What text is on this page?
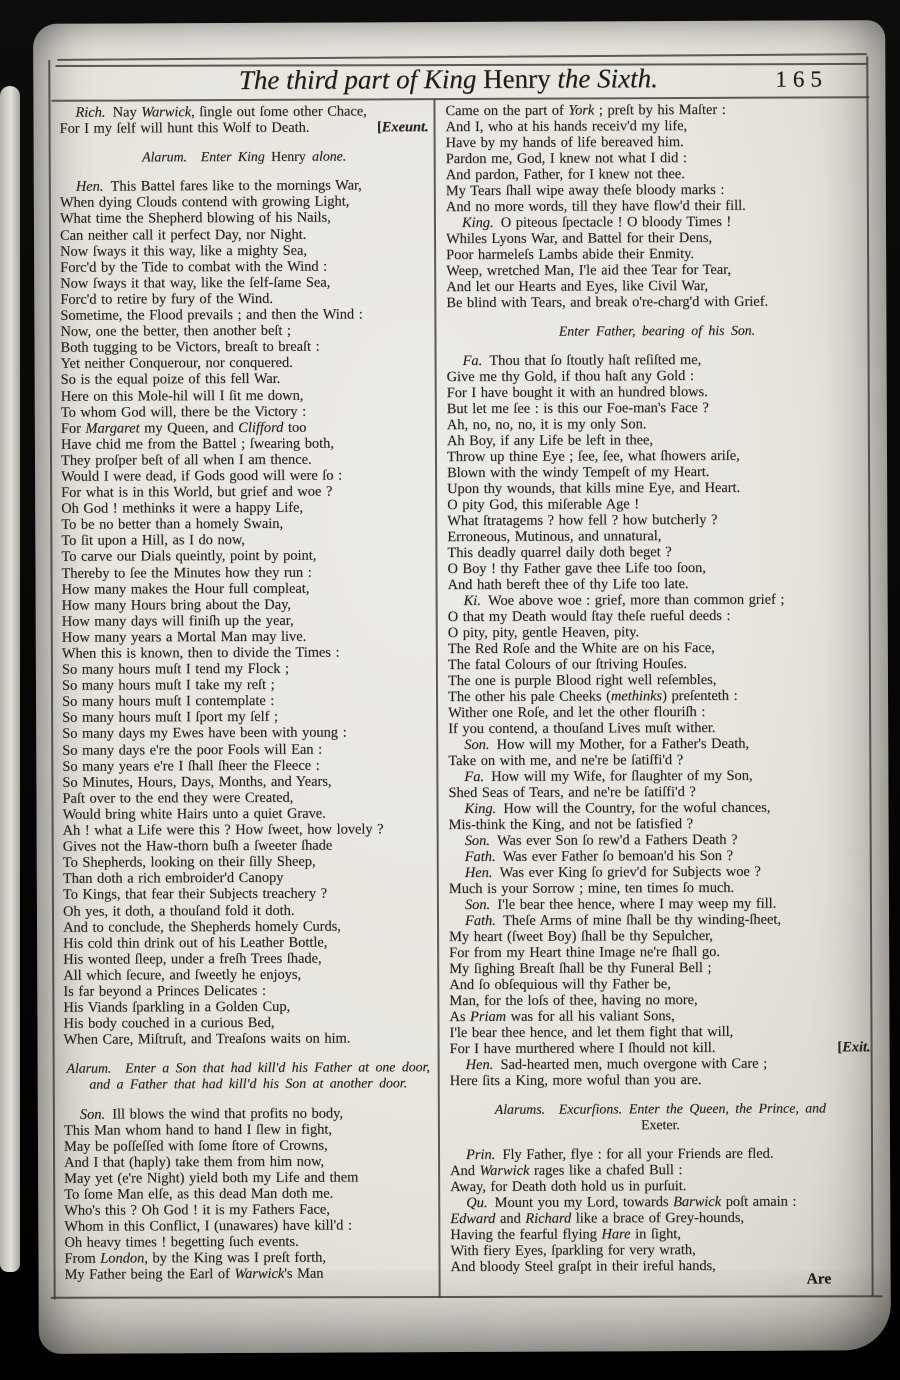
The third part of King Henry the Sixth.	165
Rich. Nay Warwick, ſingle out ſome other Chace,
[Exeunt.
For I my ſelf will hunt this Wolf to Death.
Alarum. Enter King Henry alone.
Hen. This Battel fares like to the mornings War,
When dying Clouds contend with growing Light,
What time the Shepherd blowing of his Nails,
Can neither call it perfect Day, nor Night.
Now ſways it this way, like a mighty Sea,
Forc'd by the Tide to combat with the Wind :
Now ſways it that way, like the ſelf-ſame Sea,
Forc'd to retire by fury of the Wind.
Sometime, the Flood prevails ; and then the Wind :
Now, one the better, then another beſt ;
Both tugging to be Victors, breaſt to breaſt :
Yet neither Conquerour, nor conquered.
So is the equal poize of this fell War.
Here on this Mole-hil will I ſit me down,
To whom God will, there be the Victory :
For Margaret my Queen, and Clifford too
Have chid me from the Battel ; ſwearing both,
They proſper beſt of all when I am thence.
Would I were dead, if Gods good will were ſo :
For what is in this World, but grief and woe ?
Oh God ! methinks it were a happy Life,
To be no better than a homely Swain,
To ſit upon a Hill, as I do now,
To carve our Dials queintly, point by point,
Thereby to ſee the Minutes how they run :
How many makes the Hour full compleat,
How many Hours bring about the Day,
How many days will finiſh up the year,
How many years a Mortal Man may live.
When this is known, then to divide the Times :
So many hours muſt I tend my Flock ;
So many hours muſt I take my reſt ;
So many hours muſt I contemplate :
So many hours muſt I ſport my ſelf ;
So many days my Ewes have been with young :
So many days e're the poor Fools will Ean :
So many years e're I ſhall ſheer the Fleece :
So Minutes, Hours, Days, Months, and Years,
Paſt over to the end they were Created,
Would bring white Hairs unto a quiet Grave.
Ah ! what a Life were this ? How ſweet, how lovely ?
Gives not the Haw-thorn buſh a ſweeter ſhade
To Shepherds, looking on their ſilly Sheep,
Than doth a rich embroider'd Canopy
To Kings, that fear their Subjects treachery ?
Oh yes, it doth, a thouſand fold it doth.
And to conclude, the Shepherds homely Curds,
His cold thin drink out of his Leather Bottle,
His wonted ſleep, under a freſh Trees ſhade,
All which ſecure, and ſweetly he enjoys,
Is far beyond a Princes Delicates :
His Viands ſparkling in a Golden Cup,
His body couched in a curious Bed,
When Care, Miſtruſt, and Treaſons waits on him.
Alarum. Enter a Son that had kill'd his Father at one door,
and a Father that had kill'd his Son at another door.
Son. Ill blows the wind that profits no body,
This Man whom hand to hand I ſlew in fight,
May be poſſeſſed with ſome ſtore of Crowns,
And I that (haply) take them from him now,
May yet (e're Night) yield both my Life and them
To ſome Man elſe, as this dead Man doth me.
Who's this ? Oh God ! it is my Fathers Face,
Whom in this Conflict, I (unawares) have kill'd :
Oh heavy times ! begetting ſuch events.
From London, by the King was I preſt forth,
My Father being the Earl of Warwick's Man
Came on the part of York ; preſt by his Maſter :
And I, who at his hands receiv'd my life,
Have by my hands of life bereaved him.
Pardon me, God, I knew not what I did :
And pardon, Father, for I knew not thee.
My Tears ſhall wipe away theſe bloody marks :
And no more words, till they have flow'd their fill.
King. O piteous ſpectacle ! O bloody Times !
Whiles Lyons War, and Battel for their Dens,
Poor harmeleſs Lambs abide their Enmity.
Weep, wretched Man, I'le aid thee Tear for Tear,
And let our Hearts and Eyes, like Civil War,
Be blind with Tears, and break o're-charg'd with Grief.
Enter Father, bearing of his Son.
Fa. Thou that ſo ſtoutly haſt reſiſted me,
Give me thy Gold, if thou haſt any Gold :
For I have bought it with an hundred blows.
But let me ſee : is this our Foe-man's Face ?
Ah, no, no, no, it is my only Son.
Ah Boy, if any Life be left in thee,
Throw up thine Eye ; ſee, ſee, what ſhowers ariſe,
Blown with the windy Tempeſt of my Heart.
Upon thy wounds, that kills mine Eye, and Heart.
O pity God, this miſerable Age !
What ſtratagems ? how fell ? how butcherly ?
Erroneous, Mutinous, and unnatural,
This deadly quarrel daily doth beget ?
O Boy ! thy Father gave thee Life too ſoon,
And hath bereft thee of thy Life too late.
Ki. Woe above woe : grief, more than common grief ;
O that my Death would ſtay theſe rueful deeds :
O pity, pity, gentle Heaven, pity.
The Red Roſe and the White are on his Face,
The fatal Colours of our ſtriving Houſes.
The one is purple Blood right well reſembles,
The other his pale Cheeks (methinks) preſenteth :
Wither one Roſe, and let the other flouriſh :
If you contend, a thouſand Lives muſt wither.
Son. How will my Mother, for a Father's Death,
Take on with me, and ne're be ſatiſfi'd ?
Fa. How will my Wife, for ſlaughter of my Son,
Shed Seas of Tears, and ne're be ſatiſfi'd ?
King. How will the Country, for the woful chances,
Mis-think the King, and not be ſatisfied ?
Son. Was ever Son ſo rew'd a Fathers Death ?
Fath. Was ever Father ſo bemoan'd his Son ?
Hen. Was ever King ſo griev'd for Subjects woe ?
Much is your Sorrow ; mine, ten times ſo much.
Son. I'le bear thee hence, where I may weep my fill.
Fath. Theſe Arms of mine ſhall be thy winding-ſheet,
My heart (ſweet Boy) ſhall be thy Sepulcher,
For from my Heart thine Image ne're ſhall go.
My ſighing Breaſt ſhall be thy Funeral Bell ;
And ſo obſequious will thy Father be,
Man, for the loſs of thee, having no more,
As Priam was for all his valiant Sons,
I'le bear thee hence, and let them fight that will,
[Exit.
For I have murthered where I ſhould not kill.
Hen. Sad-hearted men, much overgone with Care ;
Here ſits a King, more woful than you are.
Alarums. Excurſions. Enter the Queen, the Prince, and
Exeter.
Prin. Fly Father, flye : for all your Friends are fled.
And Warwick rages like a chafed Bull :
Away, for Death doth hold us in purſuit.
Qu. Mount you my Lord, towards Barwick poſt amain :
Edward and Richard like a brace of Grey-hounds,
Having the fearful flying Hare in ſight,
With fiery Eyes, ſparkling for very wrath,
And bloody Steel graſpt in their ireful hands,
Are
